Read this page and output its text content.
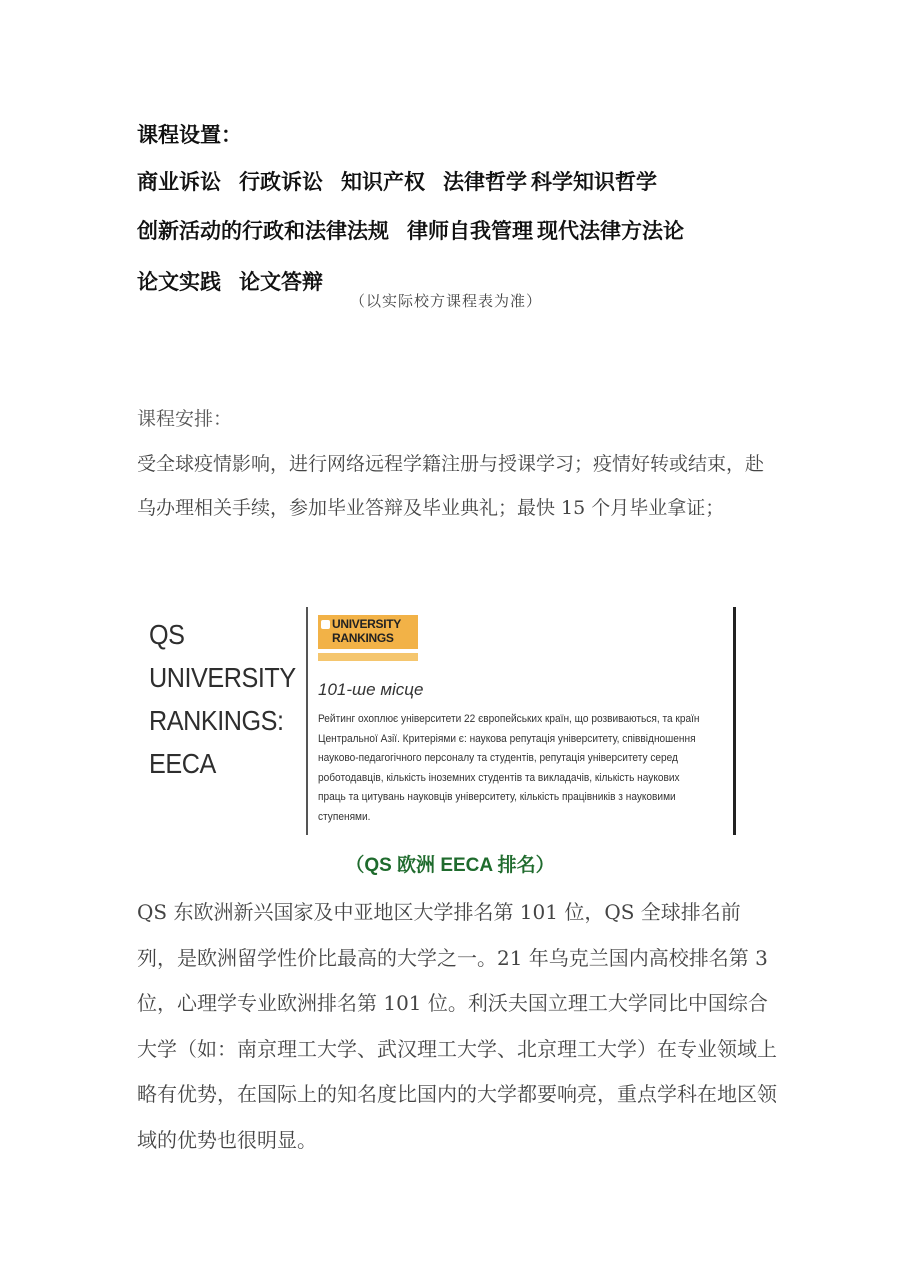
课程设置：
商业诉讼 行政诉讼 知识产权 法律哲学 科学知识哲学
创新活动的行政和法律法规 律师自我管理 现代法律方法论
论文实践 论文答辩
（以实际校方课程表为准）
课程安排：
受全球疫情影响，进行网络远程学籍注册与授课学习；疫情好转或结束，赴乌办理相关手续，参加毕业答辩及毕业典礼；最快 15 个月毕业拿证；
QS UNIVERSITY
RANKINGS:
EECA
UNIVERSITY
RANKINGS
101-ше місце
Рейтинг охоплює університети 22 європейських країн, що розвиваються, та країн Центральної Азії. Критеріями є: наукова репутація університету, співвідношення науково-педагогічного персоналу та студентів, репутація університету серед роботодавців, кількість іноземних студентів та викладачів, кількість наукових праць та цитувань науковців університету, кількість працівників з науковими ступенями.
（QS 欧洲 EECA 排名）
QS 东欧洲新兴国家及中亚地区大学排名第 101 位，QS 全球排名前列，是欧洲留学性价比最高的大学之一。21 年乌克兰国内高校排名第 3 位，心理学专业欧洲排名第 101 位。利沃夫国立理工大学同比中国综合大学（如：南京理工大学、武汉理工大学、北京理工大学）在专业领域上略有优势，在国际上的知名度比国内的大学都要响亮，重点学科在地区领域的优势也很明显。
